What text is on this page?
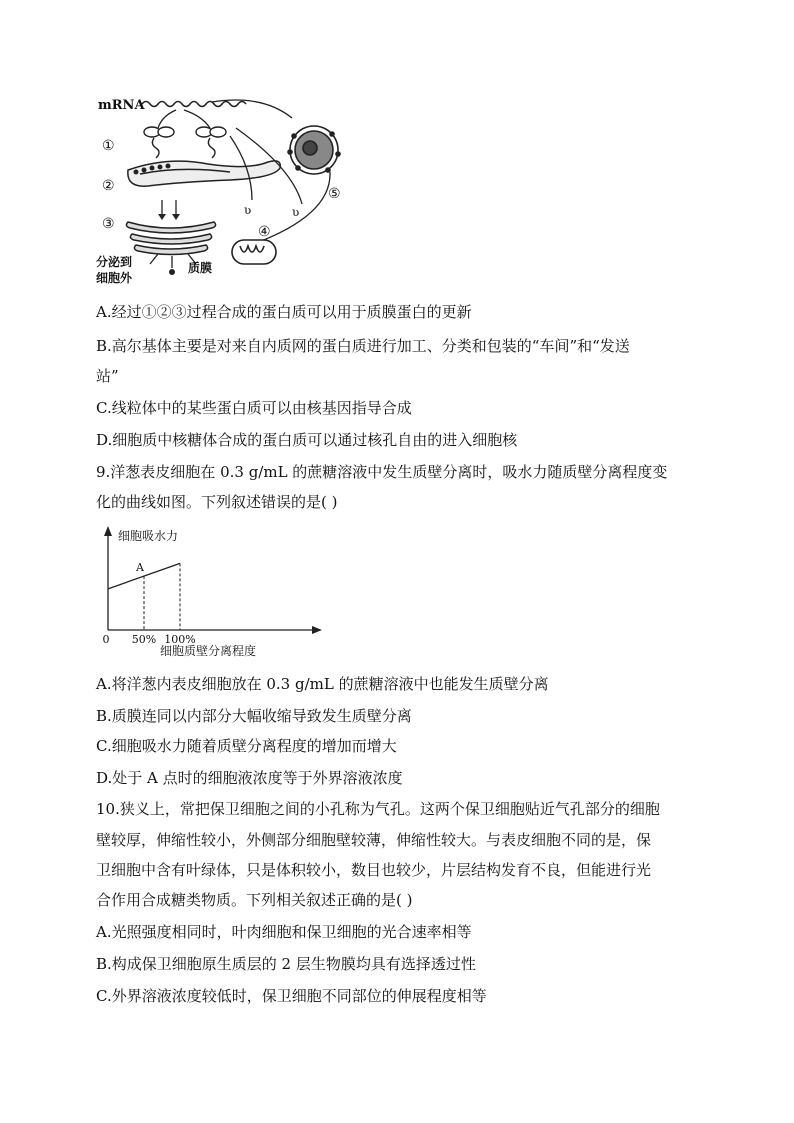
mRNA
①
②
③
分泌到
细胞外
质膜
ʋ	ʋ
⑤
④
A.经过①②③过程合成的蛋白质可以用于质膜蛋白的更新
B.高尔基体主要是对来自内质网的蛋白质进行加工、分类和包装的“车间”和“发送
站”
C.线粒体中的某些蛋白质可以由核基因指导合成
D.细胞质中核糖体合成的蛋白质可以通过核孔自由的进入细胞核
9.洋葱表皮细胞在 0.3 g/mL 的蔗糖溶液中发生质壁分离时，吸水力随质壁分离程度变
化的曲线如图。下列叙述错误的是( )
细胞吸水力
细胞质壁分离程度
A
0 50% 100%
A.将洋葱内表皮细胞放在 0.3 g/mL 的蔗糖溶液中也能发生质壁分离
B.质膜连同以内部分大幅收缩导致发生质壁分离
C.细胞吸水力随着质壁分离程度的增加而增大
D.处于 A 点时的细胞液浓度等于外界溶液浓度
10.狭义上，常把保卫细胞之间的小孔称为气孔。这两个保卫细胞贴近气孔部分的细胞
壁较厚，伸缩性较小，外侧部分细胞壁较薄，伸缩性较大。与表皮细胞不同的是，保
卫细胞中含有叶绿体，只是体积较小，数目也较少，片层结构发育不良，但能进行光
合作用合成糖类物质。下列相关叙述正确的是( )
A.光照强度相同时，叶肉细胞和保卫细胞的光合速率相等
B.构成保卫细胞原生质层的 2 层生物膜均具有选择透过性
C.外界溶液浓度较低时，保卫细胞不同部位的伸展程度相等
